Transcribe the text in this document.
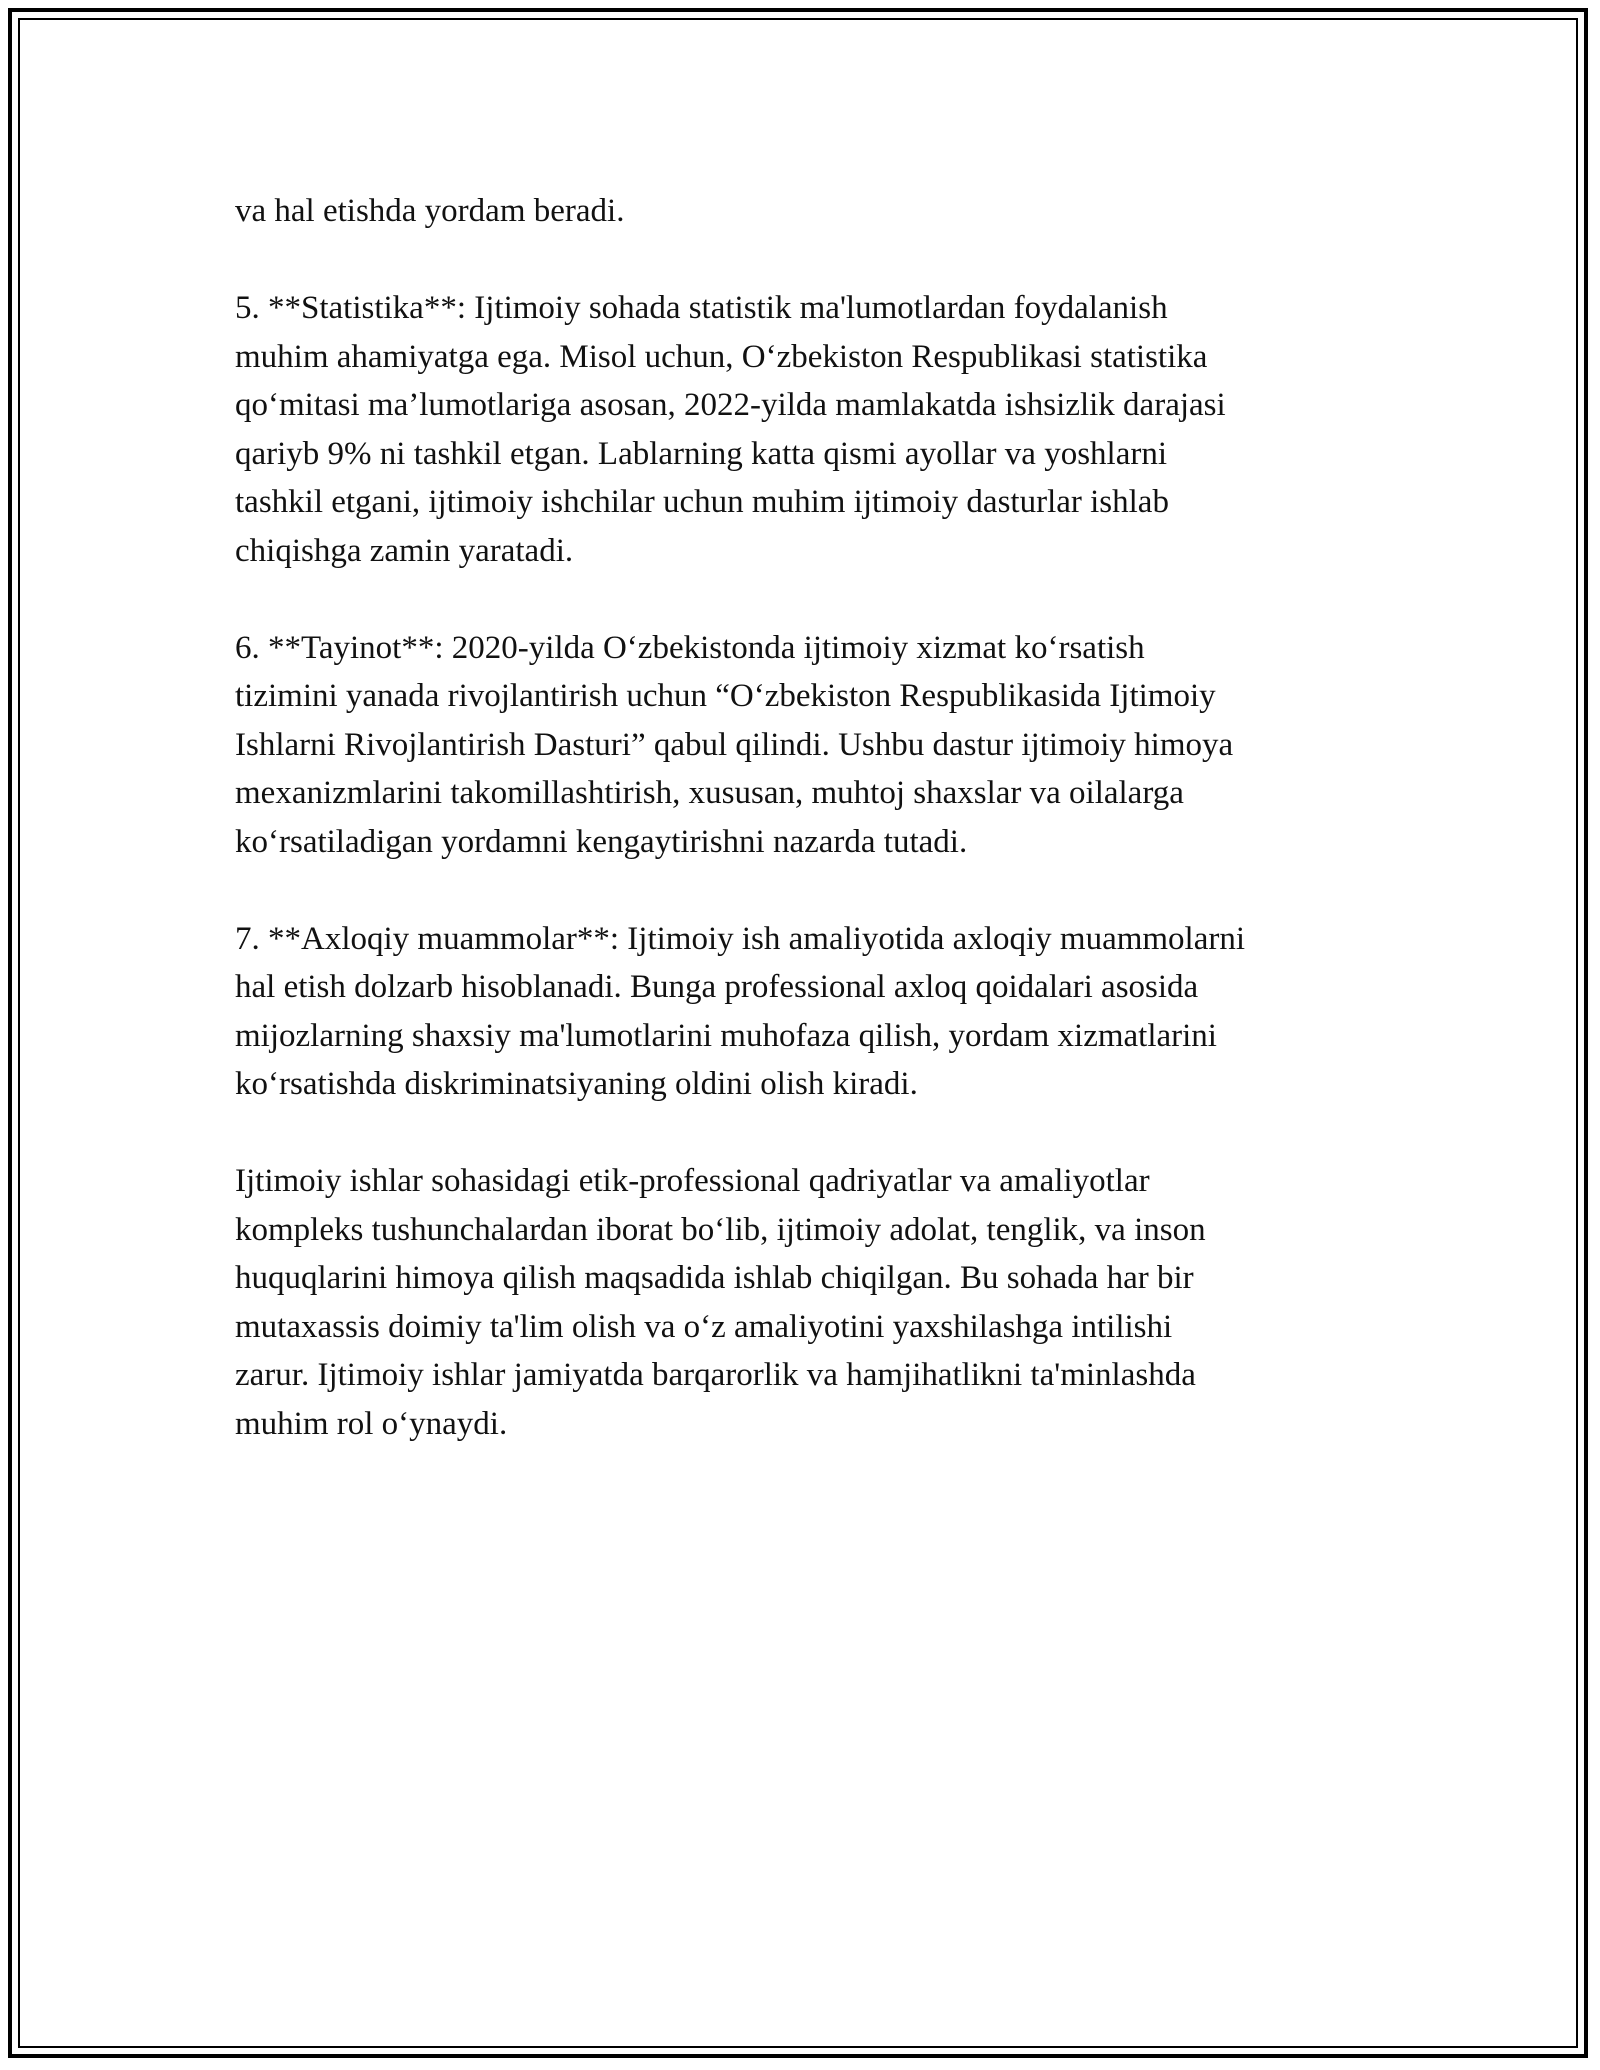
va hal etishda yordam beradi.

5. **Statistika**: Ijtimoiy sohada statistik ma'lumotlardan foydalanish
muhim ahamiyatga ega. Misol uchun, O‘zbekiston Respublikasi statistika
qo‘mitasi ma’lumotlariga asosan, 2022-yilda mamlakatda ishsizlik darajasi
qariyb 9% ni tashkil etgan. Lablarning katta qismi ayollar va yoshlarni
tashkil etgani, ijtimoiy ishchilar uchun muhim ijtimoiy dasturlar ishlab
chiqishga zamin yaratadi.

6. **Tayinot**: 2020-yilda O‘zbekistonda ijtimoiy xizmat ko‘rsatish
tizimini yanada rivojlantirish uchun “O‘zbekiston Respublikasida Ijtimoiy
Ishlarni Rivojlantirish Dasturi” qabul qilindi. Ushbu dastur ijtimoiy himoya
mexanizmlarini takomillashtirish, xususan, muhtoj shaxslar va oilalarga
ko‘rsatiladigan yordamni kengaytirishni nazarda tutadi.

7. **Axloqiy muammolar**: Ijtimoiy ish amaliyotida axloqiy muammolarni
hal etish dolzarb hisoblanadi. Bunga professional axloq qoidalari asosida
mijozlarning shaxsiy ma'lumotlarini muhofaza qilish, yordam xizmatlarini
ko‘rsatishda diskriminatsiyaning oldini olish kiradi.

Ijtimoiy ishlar sohasidagi etik-professional qadriyatlar va amaliyotlar
kompleks tushunchalardan iborat bo‘lib, ijtimoiy adolat, tenglik, va inson
huquqlarini himoya qilish maqsadida ishlab chiqilgan. Bu sohada har bir
mutaxassis doimiy ta'lim olish va o‘z amaliyotini yaxshilashga intilishi
zarur. Ijtimoiy ishlar jamiyatda barqarorlik va hamjihatlikni ta'minlashda
muhim rol o‘ynaydi.
